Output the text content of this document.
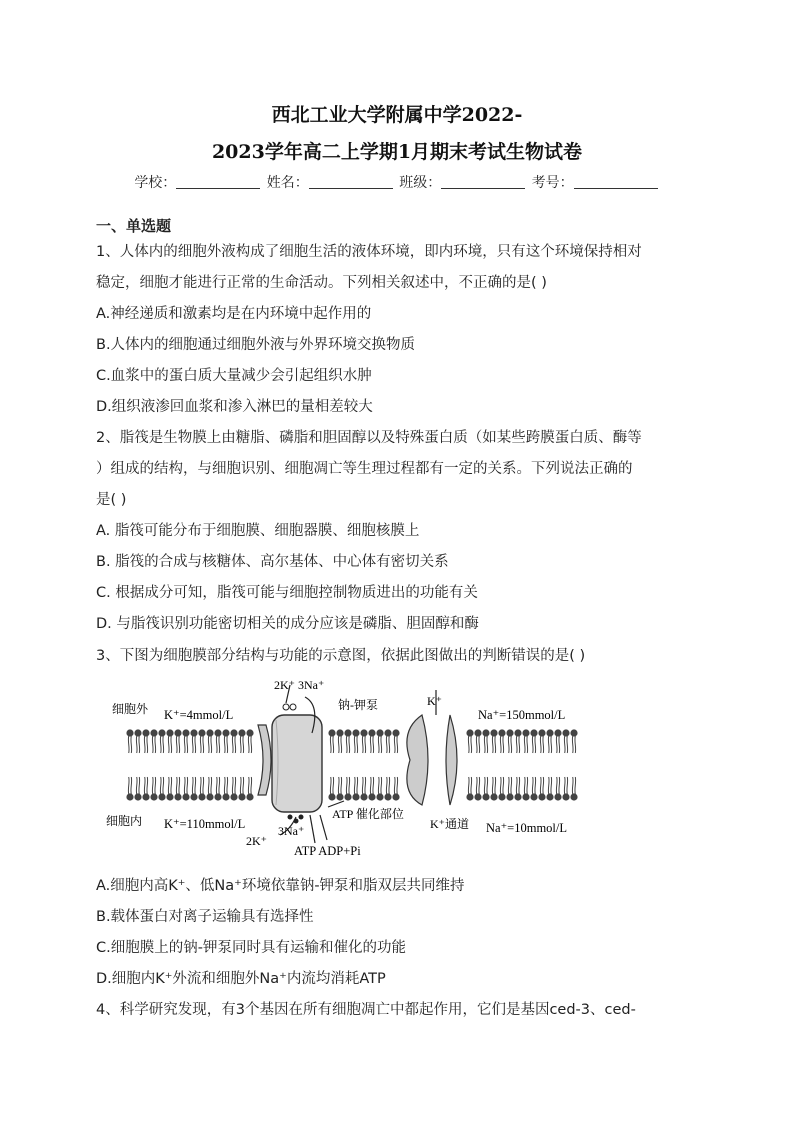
西北工业大学附属中学2022-
2023学年高二上学期1月期末考试生物试卷
学校：	姓名：	班级：	考号：
一、单选题
1、人体内的细胞外液构成了细胞生活的液体环境，即内环境，只有这个环境保持相对
稳定，细胞才能进行正常的生命活动。下列相关叙述中，不正确的是( )
A.神经递质和激素均是在内环境中起作用的
B.人体内的细胞通过细胞外液与外界环境交换物质
C.血浆中的蛋白质大量减少会引起组织水肿
D.组织液渗回血浆和渗入淋巴的量相差较大
2、脂筏是生物膜上由糖脂、磷脂和胆固醇以及特殊蛋白质（如某些跨膜蛋白质、酶等
）组成的结构，与细胞识别、细胞凋亡等生理过程都有一定的关系。下列说法正确的
是( )
A. 脂筏可能分布于细胞膜、细胞器膜、细胞核膜上
B. 脂筏的合成与核糖体、高尔基体、中心体有密切关系
C. 根据成分可知，脂筏可能与细胞控制物质进出的功能有关
D. 与脂筏识别功能密切相关的成分应该是磷脂、胆固醇和酶
3、下图为细胞膜部分结构与功能的示意图，依据此图做出的判断错误的是( )
细胞外 K⁺=4mmol/L
2K⁺ 3Na⁺
钠-钾泵	K⁺
Na⁺=150mmol/L
细胞内 K⁺=110mmol/L
ATP 催化部位
K⁺通道 Na⁺=10mmol/L
2K⁺
3Na⁺
ATP ADP+Pi
A.细胞内高K⁺、低Na⁺环境依靠钠-钾泵和脂双层共同维持
B.载体蛋白对离子运输具有选择性
C.细胞膜上的钠-钾泵同时具有运输和催化的功能
D.细胞内K⁺外流和细胞外Na⁺内流均消耗ATP
4、科学研究发现，有3个基因在所有细胞凋亡中都起作用，它们是基因ced-3、ced-
